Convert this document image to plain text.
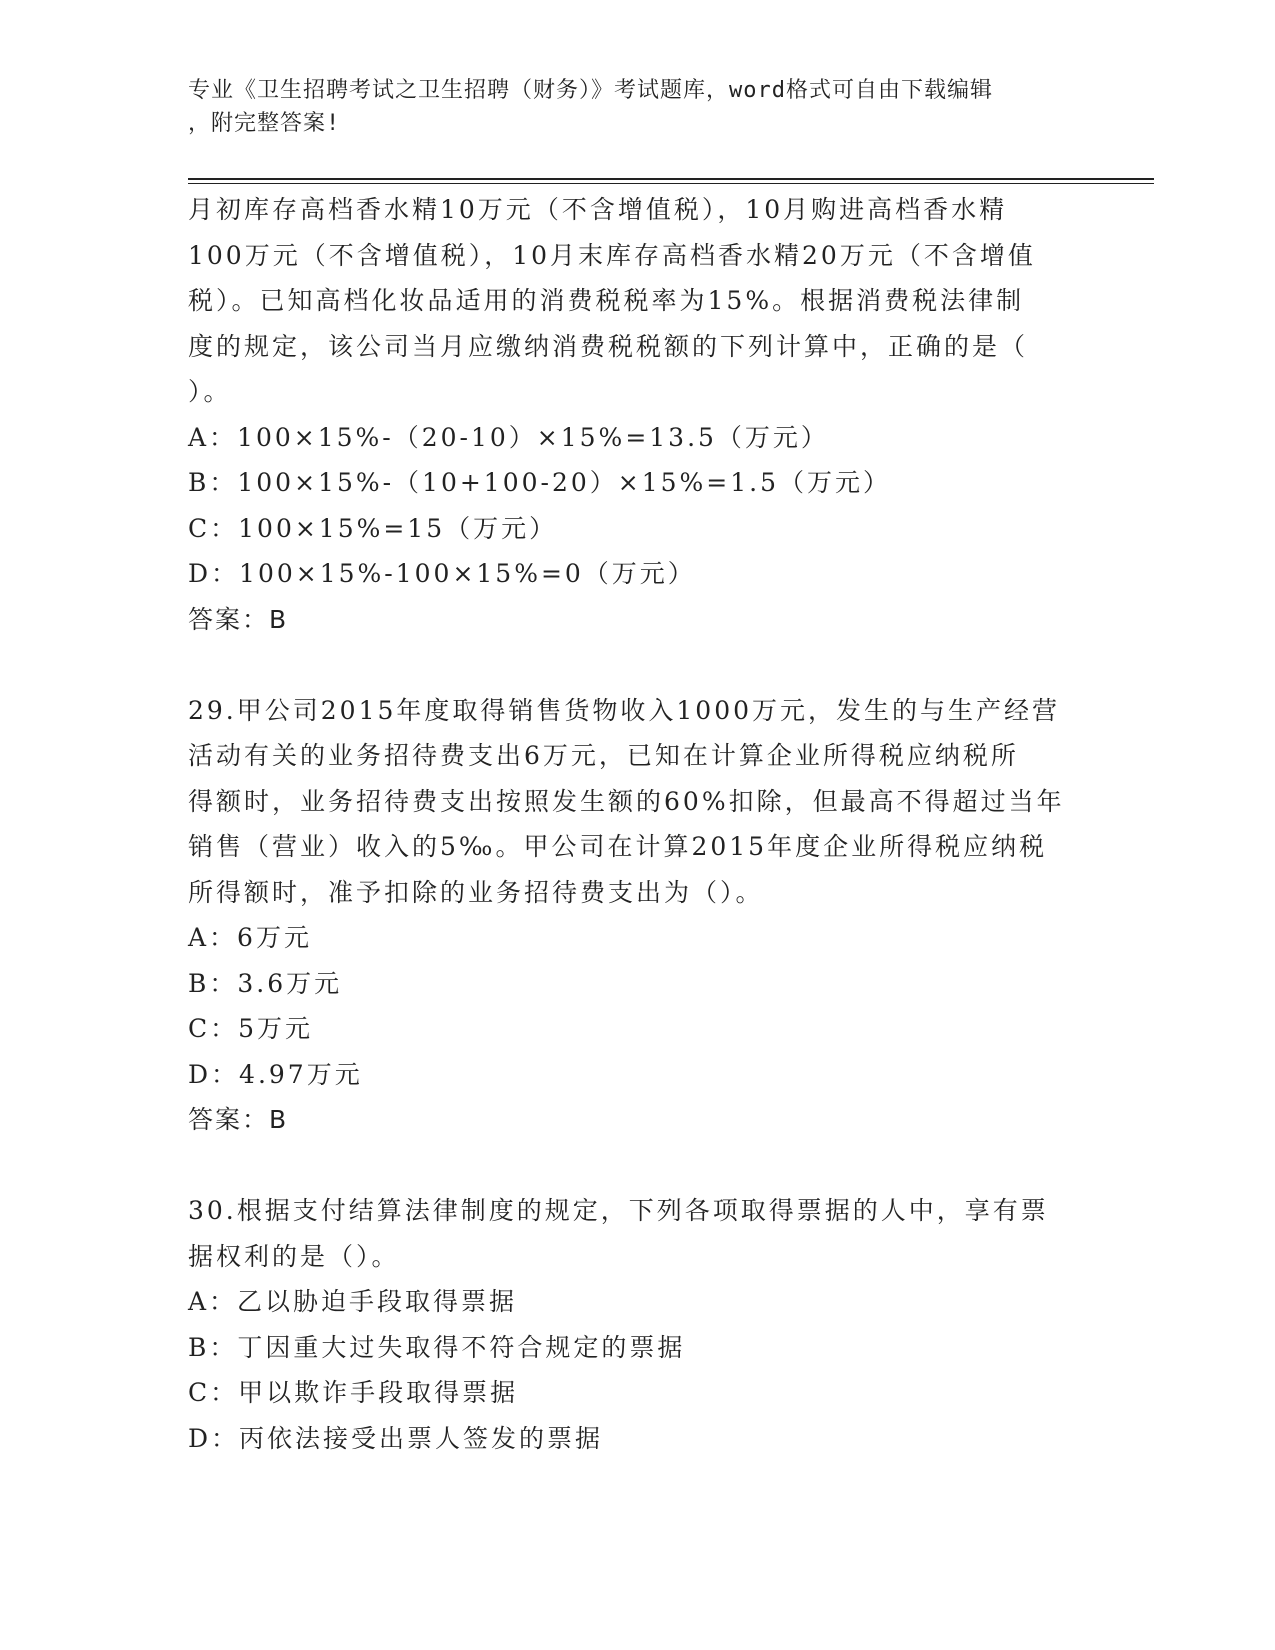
专业《卫生招聘考试之卫生招聘（财务）》考试题库，word格式可自由下载编辑
，附完整答案!

月初库存高档香水精10万元（不含增值税），10月购进高档香水精

100万元（不含增值税），10月末库存高档香水精20万元（不含增值

税）。已知高档化妆品适用的消费税税率为15%。根据消费税法律制

度的规定，该公司当月应缴纳消费税税额的下列计算中，正确的是（

）。

A：100×15%-（20-10）×15%=13.5（万元）

B：100×15%-（10+100-20）×15%=1.5（万元）

C：100×15%=15（万元）

D：100×15%-100×15%=0（万元）

答案：B

29.甲公司2015年度取得销售货物收入1000万元，发生的与生产经营

活动有关的业务招待费支出6万元，已知在计算企业所得税应纳税所

得额时，业务招待费支出按照发生额的60%扣除，但最高不得超过当年

销售（营业）收入的5‰。甲公司在计算2015年度企业所得税应纳税

所得额时，准予扣除的业务招待费支出为（）。

A：6万元

B：3.6万元

C：5万元

D：4.97万元

答案：B

30.根据支付结算法律制度的规定，下列各项取得票据的人中，享有票

据权利的是（）。

A：乙以胁迫手段取得票据

B：丁因重大过失取得不符合规定的票据

C：甲以欺诈手段取得票据

D：丙依法接受出票人签发的票据
